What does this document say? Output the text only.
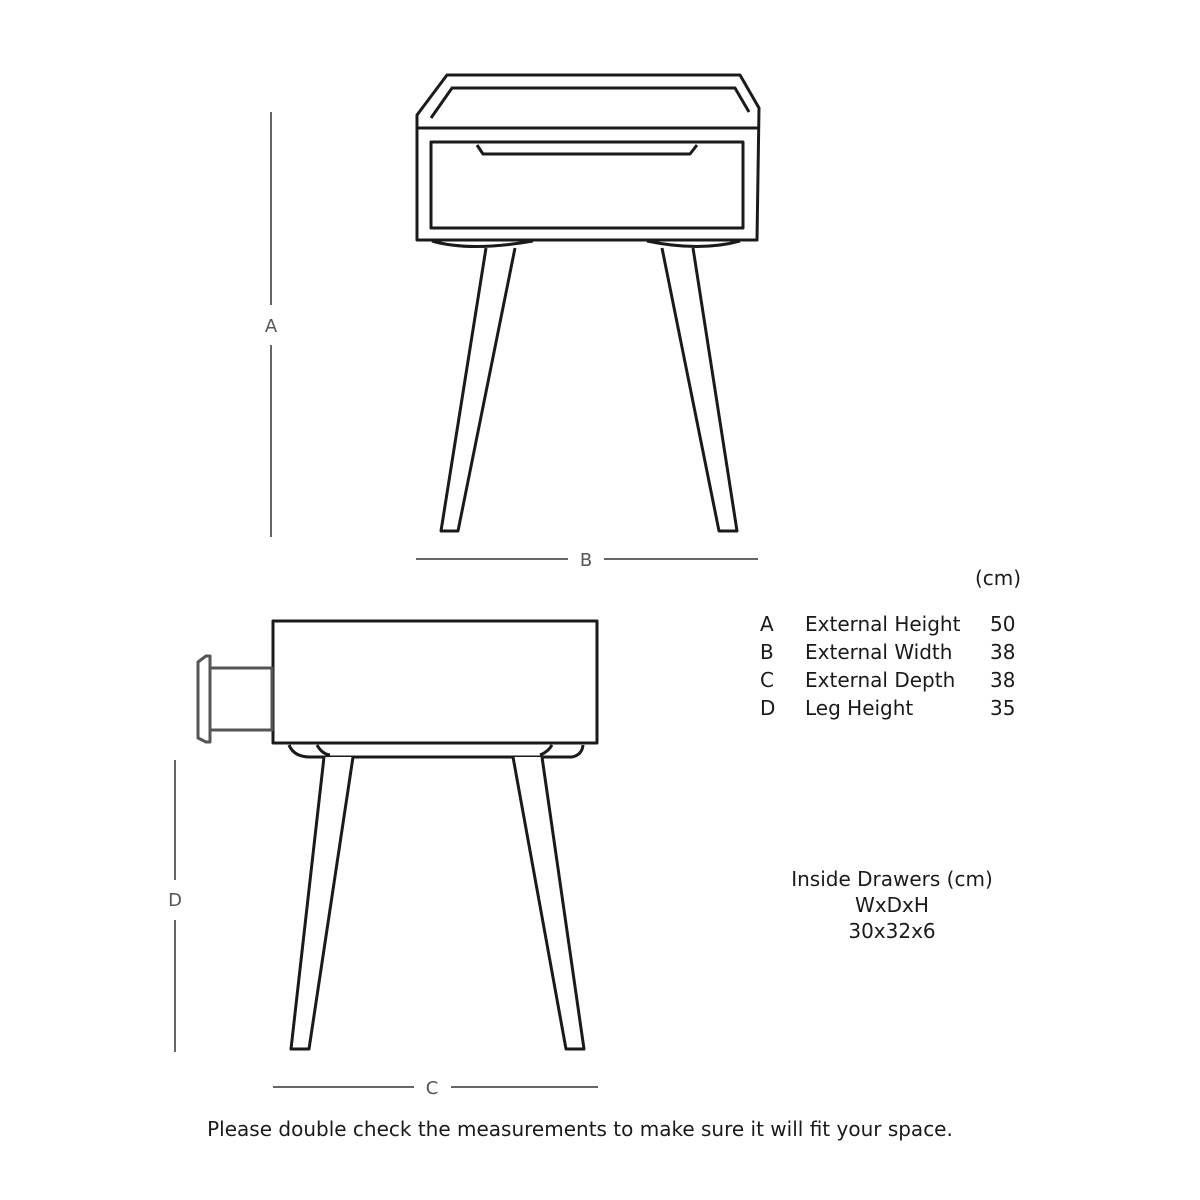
A
B
D
C
(cm)
A	External Height	50
B	External Width	38
C	External Depth	38
D	Leg Height	35
Inside Drawers (cm)
WxDxH
30x32x6
Please double check the measurements to make sure it will fit your space.
